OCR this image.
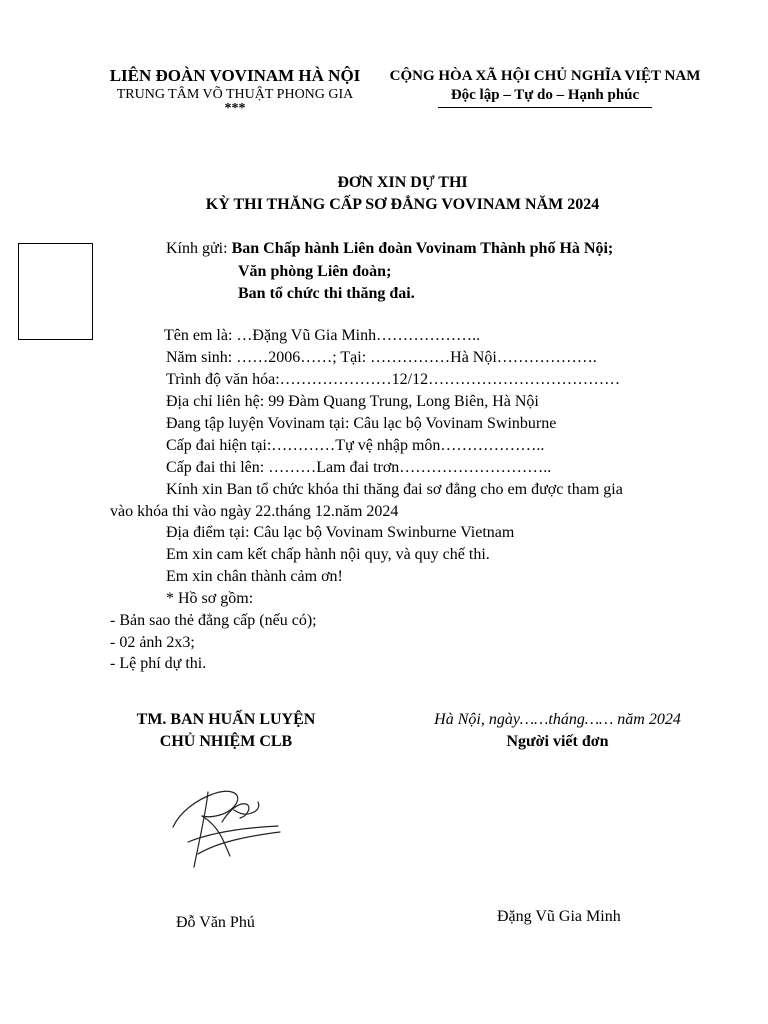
LIÊN ĐOÀN VOVINAM HÀ NỘI
TRUNG TÂM VÕ THUẬT PHONG GIA
***
CỘNG HÒA XÃ HỘI CHỦ NGHĨA VIỆT NAM
Độc lập – Tự do – Hạnh phúc
ĐƠN XIN DỰ THI
KỲ THI THĂNG CẤP SƠ ĐẲNG VOVINAM NĂM 2024
Kính gửi: Ban Chấp hành Liên đoàn Vovinam Thành phố Hà Nội;
Văn phòng Liên đoàn;
Ban tổ chức thi thăng đai.
Tên em là: …Đặng Vũ Gia Minh………………..
Năm sinh: ……2006……; Tại: ……………Hà Nội……………….
Trình độ văn hóa:…………………12/12………………………………
Địa chỉ liên hệ: 99 Đàm Quang Trung, Long Biên, Hà Nội
Đang tập luyện Vovinam tại: Câu lạc bộ Vovinam Swinburne
Cấp đai hiện tại:…………Tự vệ nhập môn………………..
Cấp đai thi lên: ………Lam đai trơn………………………..
Kính xin Ban tổ chức khóa thi thăng đai sơ đẳng cho em được tham gia
vào khóa thi vào ngày 22.tháng 12.năm 2024
Địa điểm tại: Câu lạc bộ Vovinam Swinburne Vietnam
Em xin cam kết chấp hành nội quy, và quy chế thi.
Em xin chân thành cảm ơn!
* Hồ sơ gồm:
- Bản sao thẻ đẳng cấp (nếu có);
- 02 ảnh 2x3;
- Lệ phí dự thi.
TM. BAN HUẤN LUYỆN
CHỦ NHIỆM CLB
Hà Nội, ngày……tháng…… năm 2024
Người viết đơn
Đỗ Văn Phú	Đặng Vũ Gia Minh
